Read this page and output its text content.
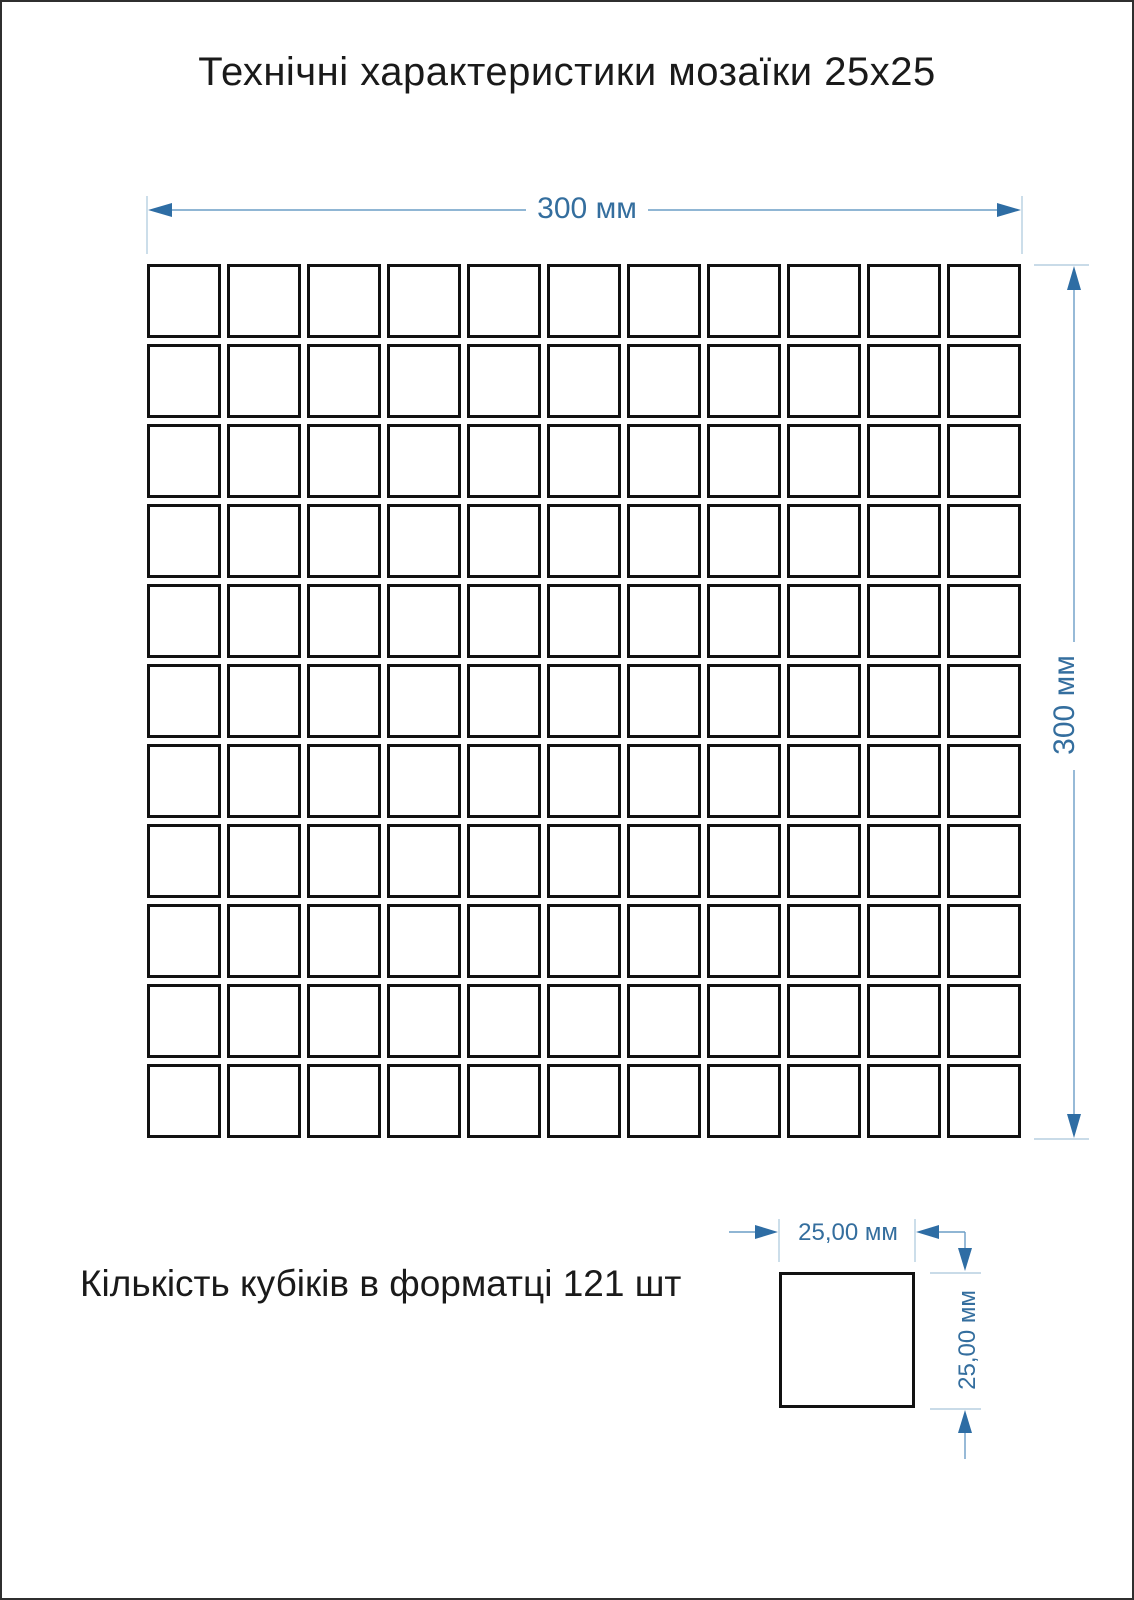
Технічні характеристики мозаїки 25х25
300 мм
300 мм
25,00 мм
25,00 мм
Кількість кубіків в форматці 121 шт
